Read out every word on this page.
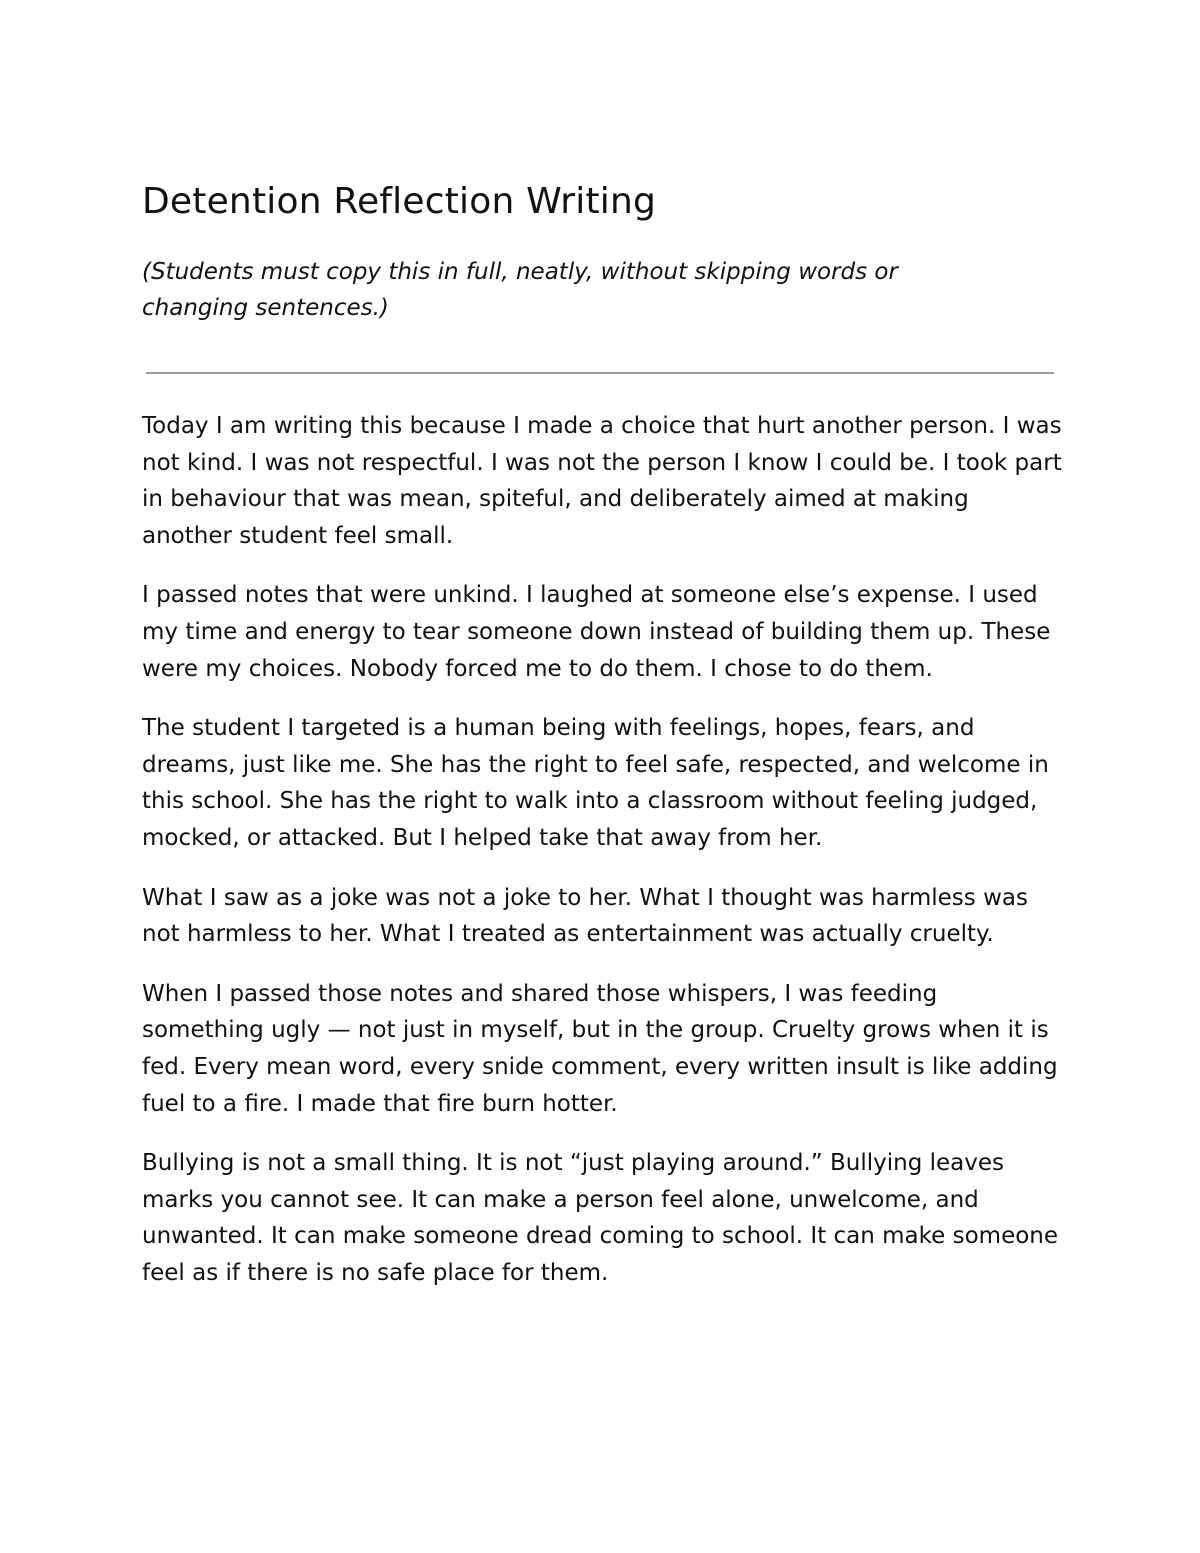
Detention Reflection Writing

(Students must copy this in full, neatly, without skipping words or changing sentences.)

Today I am writing this because I made a choice that hurt another person. I was not kind. I was not respectful. I was not the person I know I could be. I took part in behaviour that was mean, spiteful, and deliberately aimed at making another student feel small.

I passed notes that were unkind. I laughed at someone else’s expense. I used my time and energy to tear someone down instead of building them up. These were my choices. Nobody forced me to do them. I chose to do them.

The student I targeted is a human being with feelings, hopes, fears, and dreams, just like me. She has the right to feel safe, respected, and welcome in this school. She has the right to walk into a classroom without feeling judged, mocked, or attacked. But I helped take that away from her.

What I saw as a joke was not a joke to her. What I thought was harmless was not harmless to her. What I treated as entertainment was actually cruelty.

When I passed those notes and shared those whispers, I was feeding something ugly — not just in myself, but in the group. Cruelty grows when it is fed. Every mean word, every snide comment, every written insult is like adding fuel to a fire. I made that fire burn hotter.

Bullying is not a small thing. It is not “just playing around.” Bullying leaves marks you cannot see. It can make a person feel alone, unwelcome, and unwanted. It can make someone dread coming to school. It can make someone feel as if there is no safe place for them.
